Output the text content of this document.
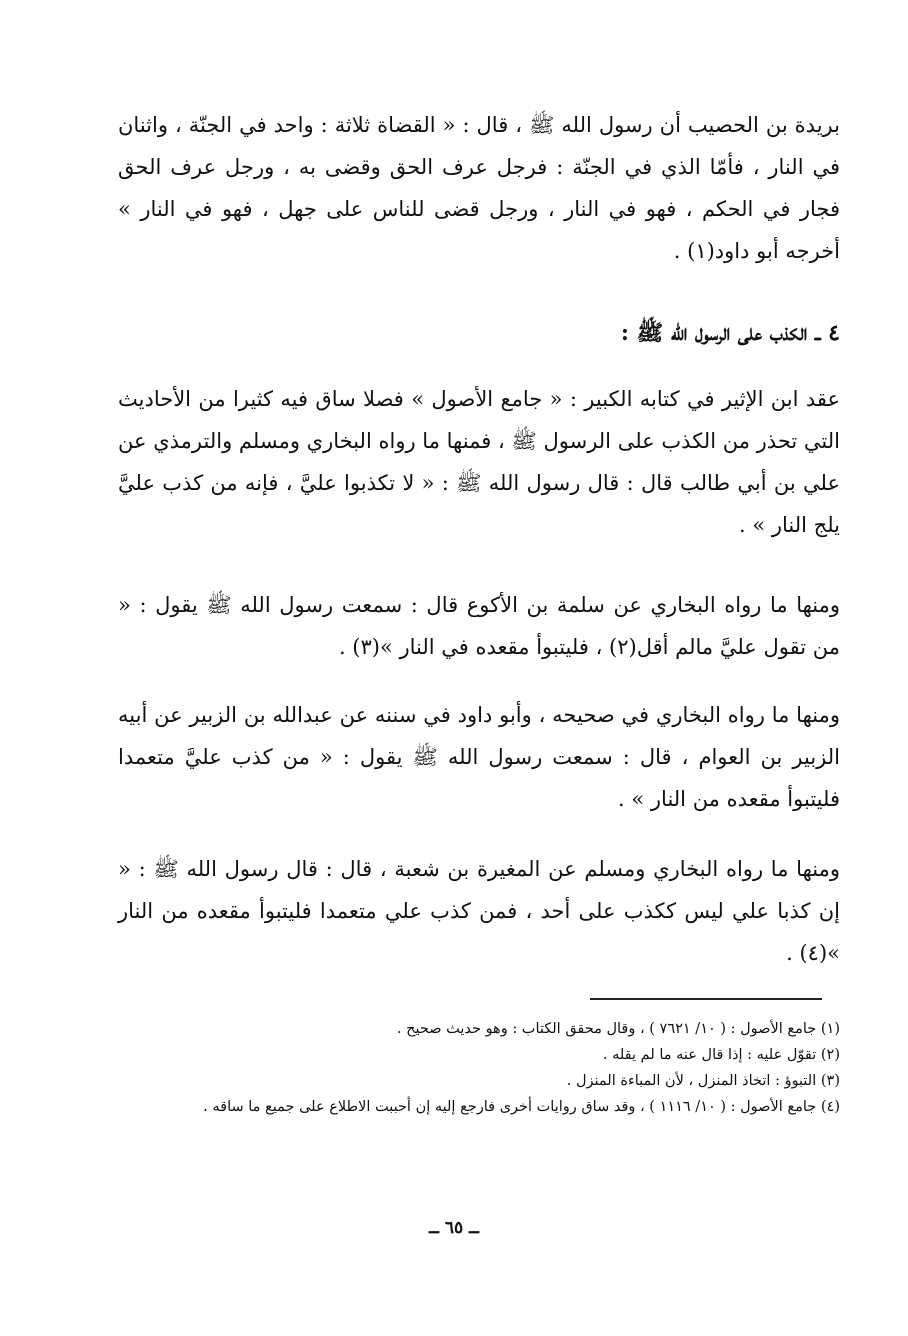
بريدة بن الحصيب أن رسول الله ﷺ ، قال : « القضاة ثلاثة : واحد في الجنّة ، واثنان في النار ، فأمّا الذي في الجنّة : فرجل عرف الحق وقضى به ، ورجل عرف الحق فجار في الحكم ، فهو في النار ، ورجل قضى للناس على جهل ، فهو في النار » أخرجه أبو داود(١) .

٤ ــ الكذب على الرسول الله ﷺ :

عقد ابن الإثير في كتابه الكبير : « جامع الأصول » فصلا ساق فيه كثيرا من الأحاديث التي تحذر من الكذب على الرسول ﷺ ، فمنها ما رواه البخاري ومسلم والترمذي عن علي بن أبي طالب قال : قال رسول الله ﷺ : « لا تكذبوا عليَّ ، فإنه من كذب عليَّ يلج النار » .

ومنها ما رواه البخاري عن سلمة بن الأكوع قال : سمعت رسول الله ﷺ يقول : « من تقول عليَّ مالم أقل(٢) ، فليتبوأ مقعده في النار »(٣) .

ومنها ما رواه البخاري في صحيحه ، وأبو داود في سننه عن عبدالله بن الزبير عن أبيه الزبير بن العوام ، قال : سمعت رسول الله ﷺ يقول : « من كذب عليَّ متعمدا فليتبوأ مقعده من النار » .

ومنها ما رواه البخاري ومسلم عن المغيرة بن شعبة ، قال : قال رسول الله ﷺ : « إن كذبا علي ليس ككذب على أحد ، فمن كذب علي متعمدا فليتبوأ مقعده من النار »(٤) .

(١) جامع الأصول : ( ١٠/ ٧٦٢١ ) ، وقال محقق الكتاب : وهو حديث صحيح .

(٢) تقوّل عليه : إذا قال عنه ما لم يقله .

(٣) التبوؤ : اتخاذ المنزل ، لأن المباءة المنزل .

(٤) جامع الأصول : ( ١٠/ ١١١٦ ) ، وقد ساق روايات أخرى فارجع إليه إن أحببت الاطلاع على جميع ما ساقه .

ــ ٦٥ ــ
